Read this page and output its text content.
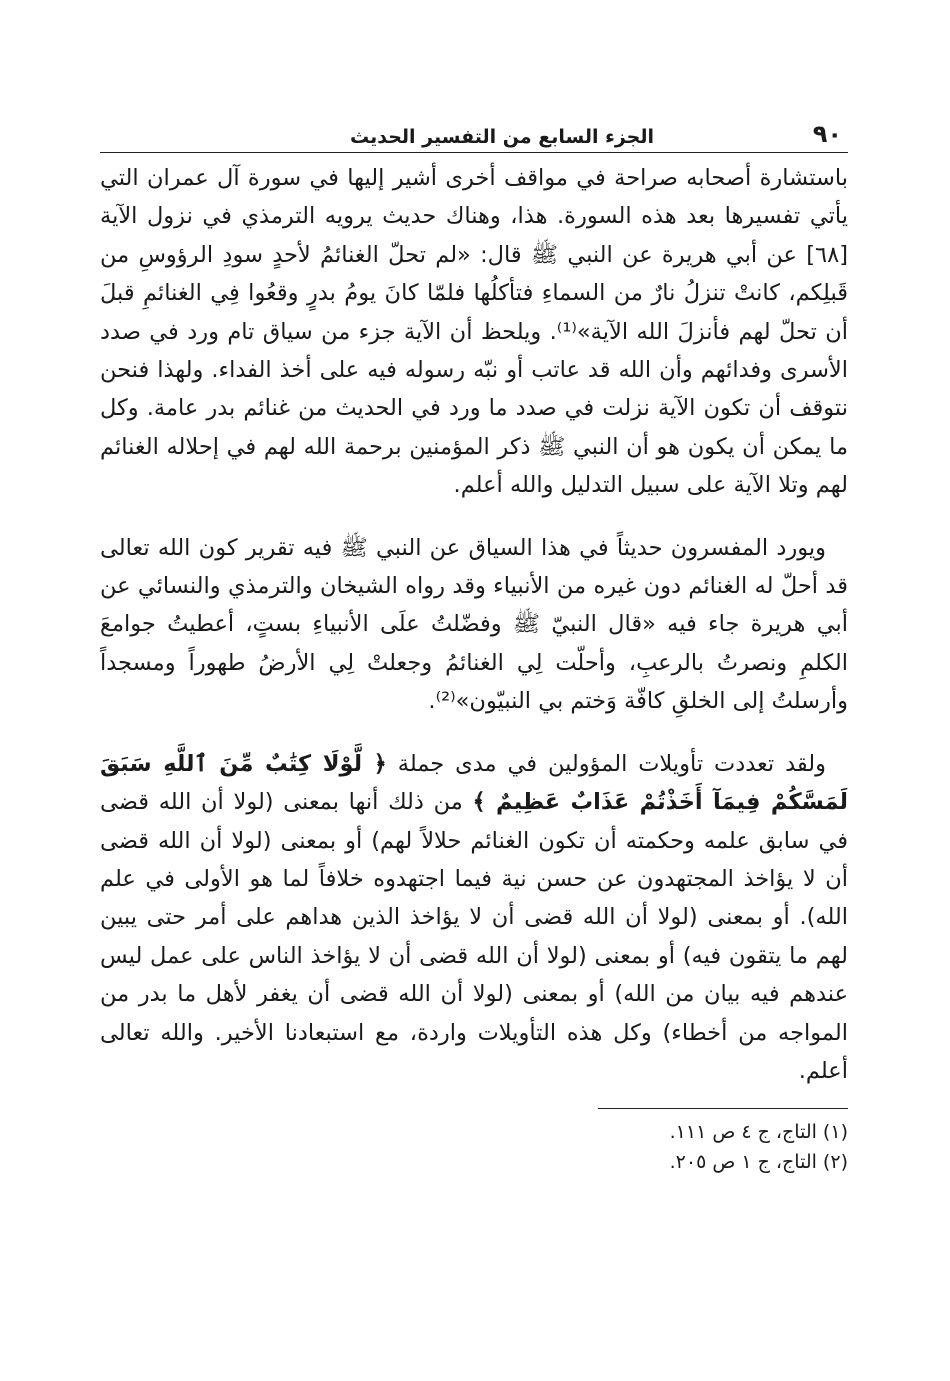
٩٠
الجزء السابع من التفسير الحديث

باستشارة أصحابه صراحة في مواقف أخرى أشير إليها في سورة آل عمران التي يأتي تفسيرها بعد هذه السورة. هذا، وهناك حديث يرويه الترمذي في نزول الآية [٦٨] عن أبي هريرة عن النبي ﷺ قال: «لم تحلّ الغنائمُ لأحدٍ سودِ الرؤوسِ من قَبلِكم، كانتْ تنزلُ نارٌ من السماءِ فتأكلُها فلمّا كانَ يومُ بدرٍ وقعُوا فِي الغنائمِ قبلَ أن تحلّ لهم فأنزلَ الله الآية»⁽¹⁾. ويلحظ أن الآية جزء من سياق تام ورد في صدد الأسرى وفدائهم وأن الله قد عاتب أو نبّه رسوله فيه على أخذ الفداء. ولهذا فنحن نتوقف أن تكون الآية نزلت في صدد ما ورد في الحديث من غنائم بدر عامة. وكل ما يمكن أن يكون هو أن النبي ﷺ ذكر المؤمنين برحمة الله لهم في إحلاله الغنائم لهم وتلا الآية على سبيل التدليل والله أعلم.

ويورد المفسرون حديثاً في هذا السياق عن النبي ﷺ فيه تقرير كون الله تعالى قد أحلّ له الغنائم دون غيره من الأنبياء وقد رواه الشيخان والترمذي والنسائي عن أبي هريرة جاء فيه «قال النبيّ ﷺ وفضّلتُ علَى الأنبياءِ بستٍ، أعطيتُ جوامعَ الكلمِ ونصرتُ بالرعبِ، وأحلّت لِي الغنائمُ وجعلتْ لِي الأرضُ طهوراً ومسجداً وأرسلتُ إلى الخلقِ كافّة وَختم بي النبيّون»⁽²⁾.

ولقد تعددت تأويلات المؤولين في مدى جملة ﴿ لَّوْلَا كِتَٰبٌ مِّنَ ٱللَّهِ سَبَقَ لَمَسَّكُمْ فِيمَآ أَخَذْتُمْ عَذَابٌ عَظِيمٌ ﴾ من ذلك أنها بمعنى (لولا أن الله قضى في سابق علمه وحكمته أن تكون الغنائم حلالاً لهم) أو بمعنى (لولا أن الله قضى أن لا يؤاخذ المجتهدون عن حسن نية فيما اجتهدوه خلافاً لما هو الأولى في علم الله). أو بمعنى (لولا أن الله قضى أن لا يؤاخذ الذين هداهم على أمر حتى يبين لهم ما يتقون فيه) أو بمعنى (لولا أن الله قضى أن لا يؤاخذ الناس على عمل ليس عندهم فيه بيان من الله) أو بمعنى (لولا أن الله قضى أن يغفر لأهل ما بدر من المواجه من أخطاء) وكل هذه التأويلات واردة، مع استبعادنا الأخير. والله تعالى أعلم.

(١) التاج، ج ٤ ص ١١١.

(٢) التاج، ج ١ ص ٢٠٥.
